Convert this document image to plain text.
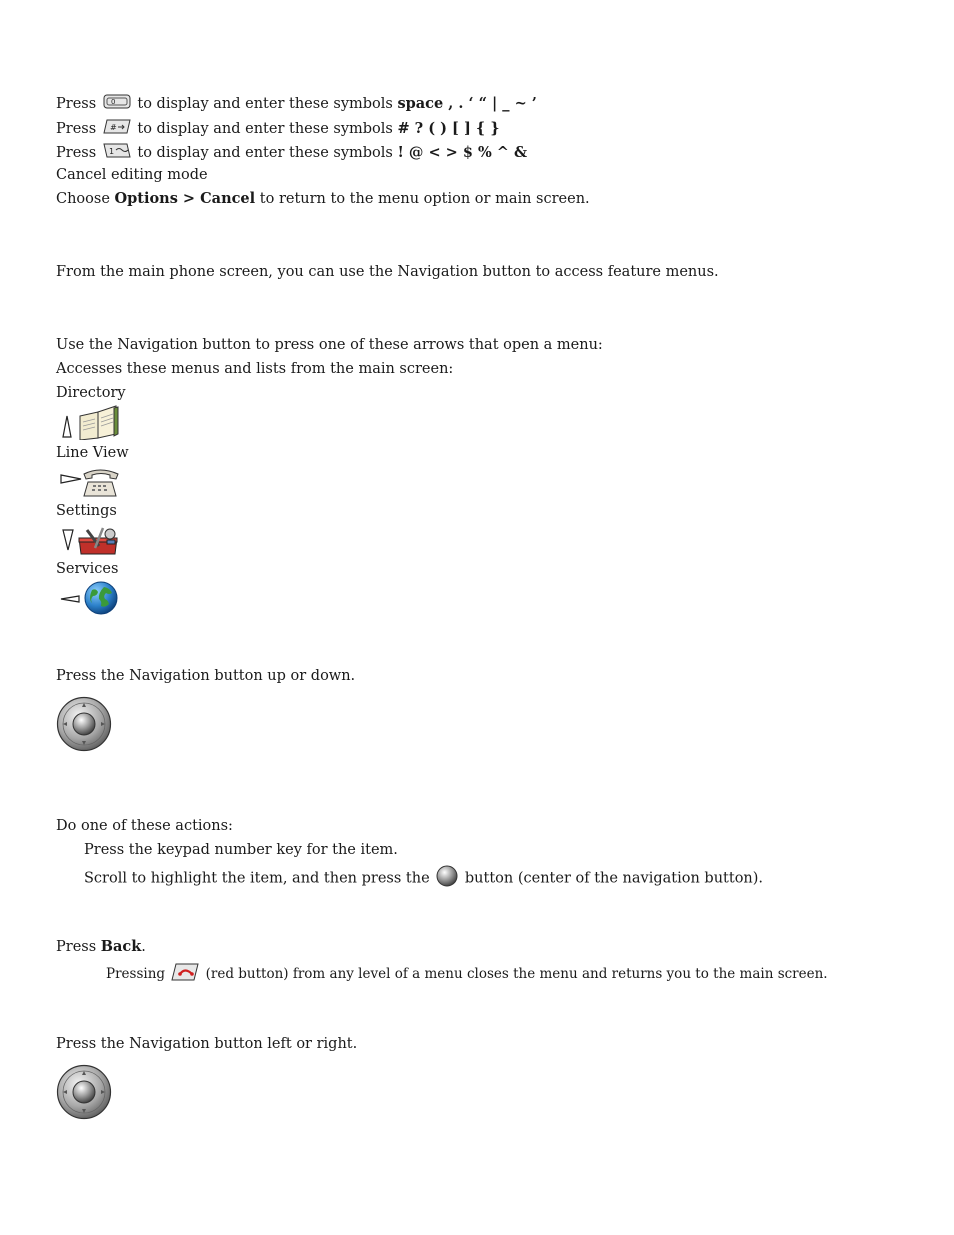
Press 0 to display and enter these symbols space , . ‘ “ | _ ~ ’
Press # to display and enter these symbols # ? ( ) [ ] { }
Press 1 to display and enter these symbols ! @ < > $ % ^ &
Cancel editing mode
Choose Options > Cancel to return to the menu option or main screen.
From the main phone screen, you can use the Navigation button to access feature menus.
Use the Navigation button to press one of these arrows that open a menu:
Accesses these menus and lists from the main screen:
Directory
Line View
Settings
Services
Press the Navigation button up or down.
Do one of these actions:
Press the keypad number key for the item.
Scroll to highlight the item, and then press the button (center of the navigation button).
Press Back.
Pressing	(red button) from any level of a menu closes the menu and returns you to the main screen.
Press the Navigation button left or right.
